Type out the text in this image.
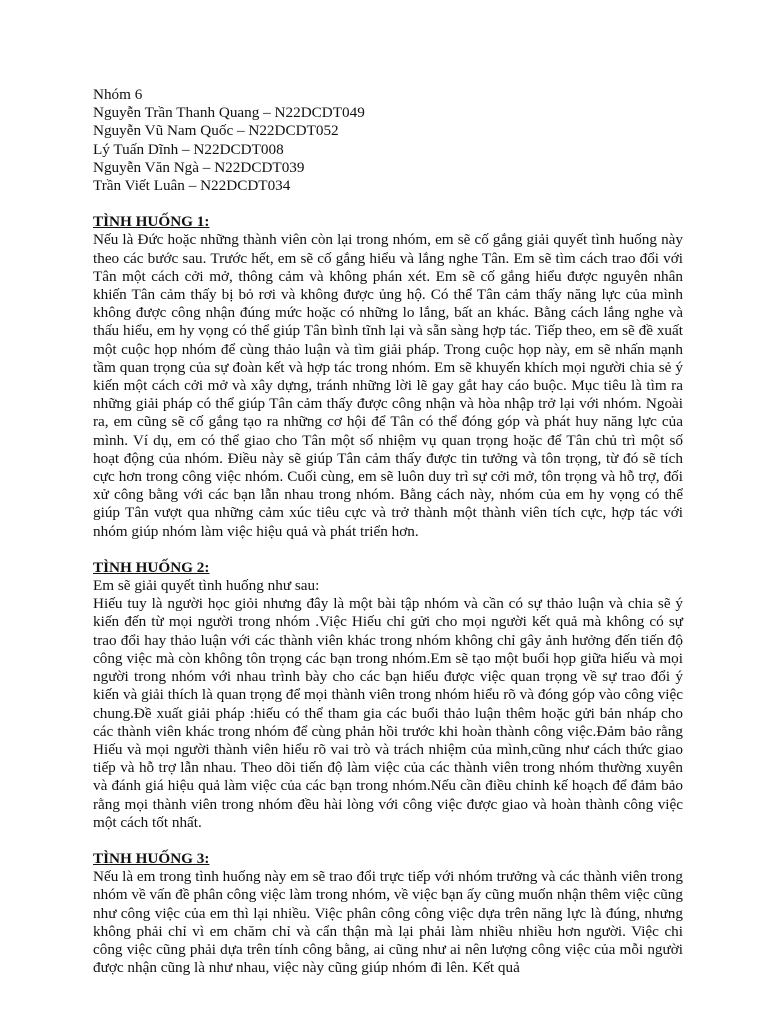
Nhóm 6
Nguyễn Trần Thanh Quang – N22DCDT049
Nguyễn Vũ Nam Quốc – N22DCDT052
Lý Tuấn Dĩnh – N22DCDT008
Nguyễn Văn Ngà – N22DCDT039
Trần Viết Luân – N22DCDT034
TÌNH HUỐNG 1:
Nếu là Đức hoặc những thành viên còn lại trong nhóm, em sẽ cố gắng giải quyết tình huống này theo các bước sau. Trước hết, em sẽ cố gắng hiểu và lắng nghe Tân. Em sẽ tìm cách trao đổi với Tân một cách cởi mở, thông cảm và không phán xét. Em sẽ cố gắng hiểu được nguyên nhân khiến Tân cảm thấy bị bỏ rơi và không được ủng hộ. Có thể Tân cảm thấy năng lực của mình không được công nhận đúng mức hoặc có những lo lắng, bất an khác. Bằng cách lắng nghe và thấu hiểu, em hy vọng có thể giúp Tân bình tĩnh lại và sẵn sàng hợp tác. Tiếp theo, em sẽ đề xuất một cuộc họp nhóm để cùng thảo luận và tìm giải pháp. Trong cuộc họp này, em sẽ nhấn mạnh tầm quan trọng của sự đoàn kết và hợp tác trong nhóm. Em sẽ khuyến khích mọi người chia sẻ ý kiến một cách cởi mở và xây dựng, tránh những lời lẽ gay gắt hay cáo buộc. Mục tiêu là tìm ra những giải pháp có thể giúp Tân cảm thấy được công nhận và hòa nhập trở lại với nhóm. Ngoài ra, em cũng sẽ cố gắng tạo ra những cơ hội để Tân có thể đóng góp và phát huy năng lực của mình. Ví dụ, em có thể giao cho Tân một số nhiệm vụ quan trọng hoặc để Tân chủ trì một số hoạt động của nhóm. Điều này sẽ giúp Tân cảm thấy được tin tưởng và tôn trọng, từ đó sẽ tích cực hơn trong công việc nhóm. Cuối cùng, em sẽ luôn duy trì sự cởi mở, tôn trọng và hỗ trợ, đối xử công bằng với các bạn lẫn nhau trong nhóm. Bằng cách này, nhóm của em hy vọng có thể giúp Tân vượt qua những cảm xúc tiêu cực và trở thành một thành viên tích cực, hợp tác với nhóm giúp nhóm làm việc hiệu quả và phát triển hơn.
TÌNH HUỐNG 2:
Em sẽ giải quyết tình huống như sau:
Hiếu tuy là người học giỏi nhưng đây là một bài tập nhóm và cần có sự thảo luận và chia sẽ ý kiến đến từ mọi người trong nhóm .Việc Hiếu chỉ gửi cho mọi người kết quả mà không có sự trao đổi hay thảo luận với các thành viên khác trong nhóm không chỉ gây ảnh hưởng đến tiến độ công việc mà còn không tôn trọng các bạn trong nhóm.Em sẽ tạo một buổi họp giữa hiếu và mọi người trong nhóm với nhau trình bày cho các bạn hiểu được việc quan trọng về sự trao đổi ý kiến và giải thích là quan trọng để mọi thành viên trong nhóm hiểu rõ và đóng góp vào công việc chung.Đề xuất giải pháp :hiếu có thể tham gia các buổi thảo luận thêm hoặc gửi bản nháp cho các thành viên khác trong nhóm để cùng phản hồi trước khi hoàn thành công việc.Đảm bảo rằng Hiếu và mọi người thành viên hiểu rõ vai trò và trách nhiệm của mình,cũng như cách thức giao tiếp và hỗ trợ lẫn nhau. Theo dõi tiến độ làm việc của các thành viên trong nhóm thường xuyên và đánh giá hiệu quả làm việc của các bạn trong nhóm.Nếu cần điều chỉnh kế hoạch để đảm bảo rằng mọi thành viên trong nhóm đều hài lòng với công việc được giao và hoàn thành công việc một cách tốt nhất.
TÌNH HUỐNG 3:
Nếu là em trong tình huống này em sẽ trao đổi trực tiếp với nhóm trưởng và các thành viên trong nhóm về vấn đề phân công việc làm trong nhóm, về việc bạn ấy cũng muốn nhận thêm việc cũng như công việc của em thì lại nhiều. Việc phân công công việc dựa trên năng lực là đúng, nhưng không phải chỉ vì em chăm chỉ và cẩn thận mà lại phải làm nhiều nhiều hơn người. Việc chi công việc cũng phải dựa trên tính công bằng, ai cũng như ai nên lượng công việc của mỗi người được nhận cũng là như nhau, việc này cũng giúp nhóm đi lên. Kết quả
